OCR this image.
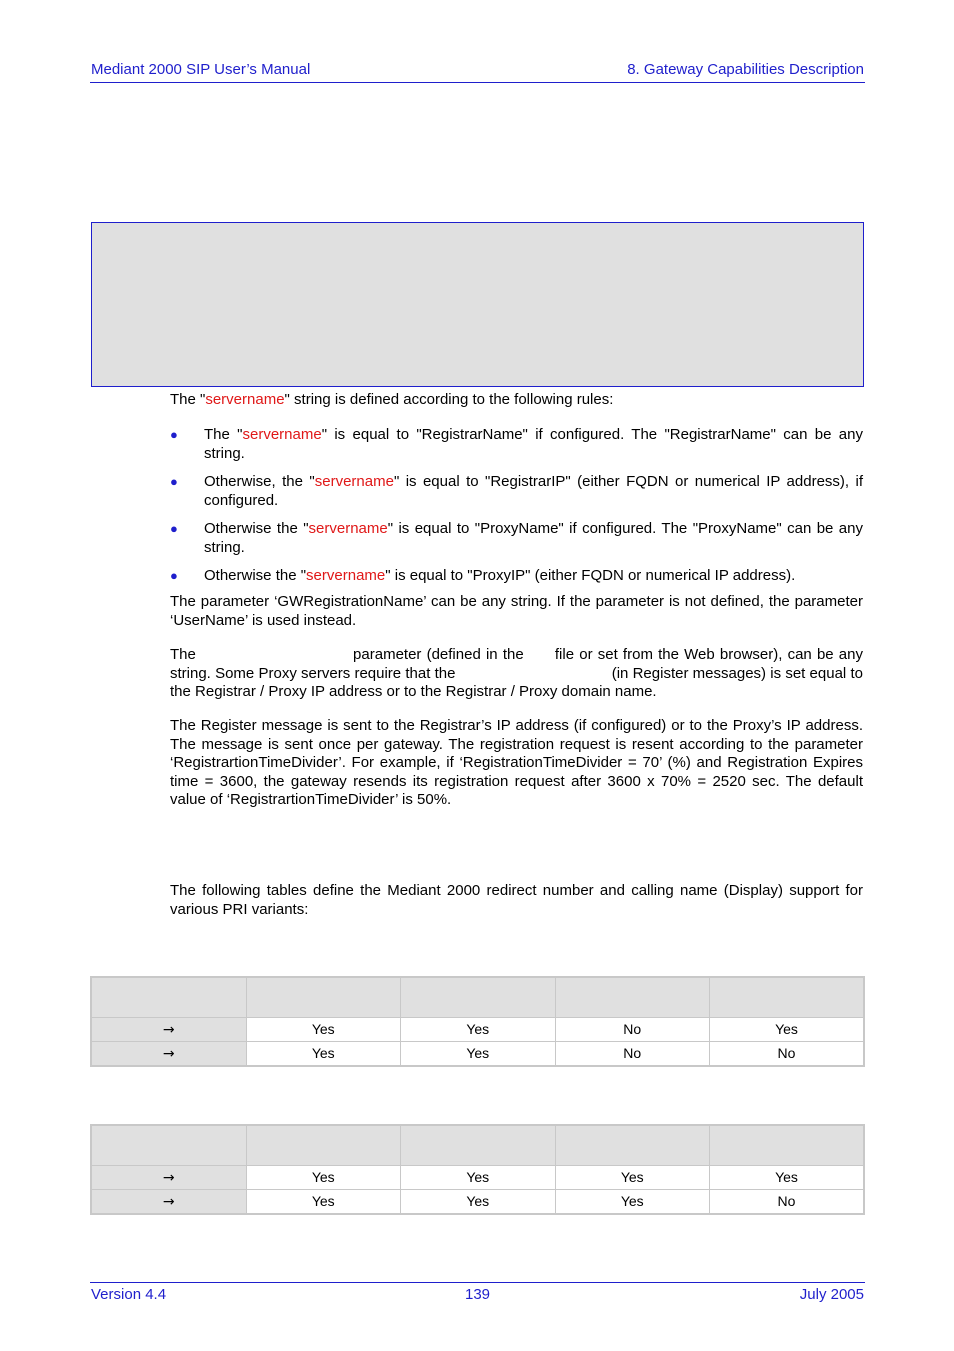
Mediant 2000 SIP User’s Manual	8. Gateway Capabilities Description
The "servername" string is defined according to the following rules:
● The "servername" is equal to "RegistrarName" if configured. The "RegistrarName" can be any string.
● Otherwise, the "servername" is equal to "RegistrarIP" (either FQDN or numerical IP address), if configured.
● Otherwise the "servername" is equal to "ProxyName" if configured. The "ProxyName" can be any string.
● Otherwise the "servername" is equal to "ProxyIP" (either FQDN or numerical IP address).
The parameter ‘GWRegistrationName’ can be any string. If the parameter is not defined, the parameter ‘UserName’ is used instead.
The	parameter (defined in the file or set from the Web browser), can be any string. Some Proxy servers require that the	(in Register messages) is set equal to the Registrar / Proxy IP address or to the Registrar / Proxy domain name.
The Register message is sent to the Registrar’s IP address (if configured) or to the Proxy’s IP address. The message is sent once per gateway. The registration request is resent according to the parameter ‘RegistrartionTimeDivider’. For example, if ‘RegistrationTimeDivider = 70’ (%) and Registration Expires time = 3600, the gateway resends its registration request after 3600 x 70% = 2520 sec. The default value of ‘RegistrartionTimeDivider’ is 50%.
The following tables define the Mediant 2000 redirect number and calling name (Display) support for various PRI variants:

→	Yes	Yes	No	Yes
→	Yes	Yes	No	No

→	Yes	Yes	Yes	Yes
→	Yes	Yes	Yes	No
Version 4.4	139	July 2005
